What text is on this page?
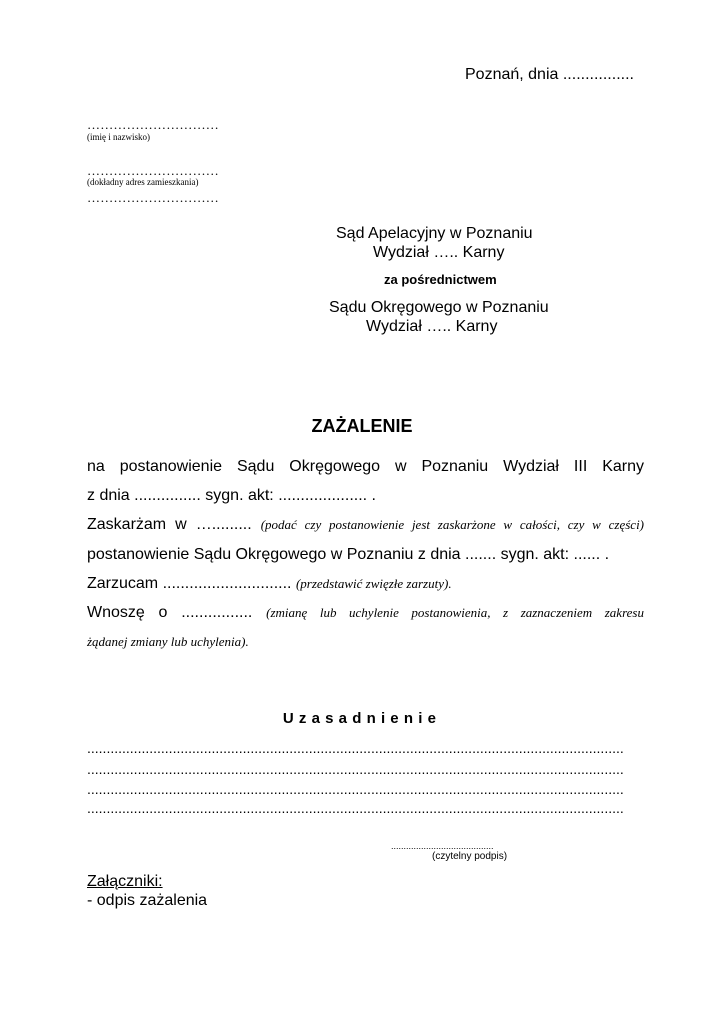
Poznań, dnia ................
…………………………
(imię i nazwisko)
…………………………
(dokładny adres zamieszkania)
…………………………
Sąd Apelacyjny w Poznaniu
Wydział ….. Karny
za pośrednictwem
Sądu Okręgowego w Poznaniu
Wydział ….. Karny
ZAŻALENIE
na postanowienie Sądu Okręgowego w Poznaniu Wydział III Karny
z dnia ............... sygn. akt: .................... .
Zaskarżam w …......... (podać czy postanowienie jest zaskarżone w całości, czy w części)
postanowienie Sądu Okręgowego w Poznaniu z dnia ....... sygn. akt: ...... .
Zarzucam ............................. (przedstawić zwięzłe zarzuty).
Wnoszę o ................ (zmianę lub uchylenie postanowienia, z zaznaczeniem zakresu
żądanej zmiany lub uchylenia).
Uzasadnienie
..........................................................................................................................................
..........................................................................................................................................
..........................................................................................................................................
..........................................................................................................................................
.........................................
(czytelny podpis)
Załączniki:
- odpis zażalenia
